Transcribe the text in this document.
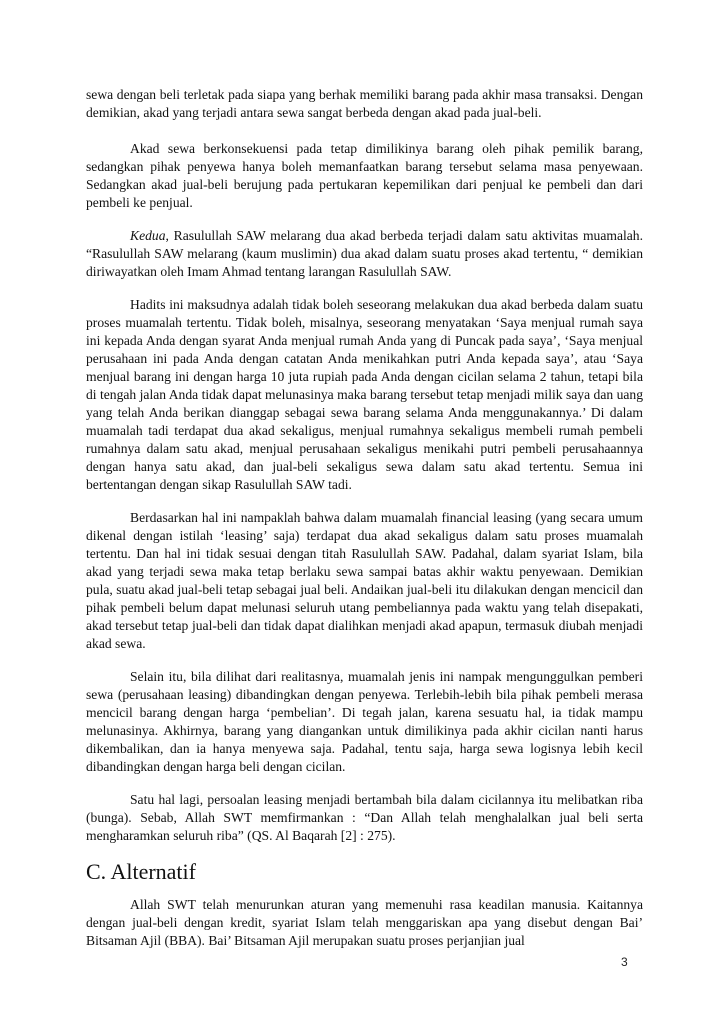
sewa dengan beli terletak pada siapa yang berhak memiliki barang pada akhir masa transaksi. Dengan demikian, akad yang terjadi antara sewa sangat berbeda dengan akad pada jual-beli.

Akad sewa berkonsekuensi pada tetap dimilikinya barang oleh pihak pemilik barang, sedangkan pihak penyewa hanya boleh memanfaatkan barang tersebut selama masa penyewaan. Sedangkan akad jual-beli berujung pada pertukaran kepemilikan dari penjual ke pembeli dan dari pembeli ke penjual.

Kedua, Rasulullah SAW melarang dua akad berbeda terjadi dalam satu aktivitas muamalah. “Rasulullah SAW melarang (kaum muslimin) dua akad dalam suatu proses akad tertentu, “ demikian diriwayatkan oleh Imam Ahmad tentang larangan Rasulullah SAW.

Hadits ini maksudnya adalah tidak boleh seseorang melakukan dua akad berbeda dalam suatu proses muamalah tertentu. Tidak boleh, misalnya, seseorang menyatakan ‘Saya menjual rumah saya ini kepada Anda dengan syarat Anda menjual rumah Anda yang di Puncak pada saya’, ‘Saya menjual perusahaan ini pada Anda dengan catatan Anda menikahkan putri Anda kepada saya’, atau ‘Saya menjual barang ini dengan harga 10 juta rupiah pada Anda dengan cicilan selama 2 tahun, tetapi bila di tengah jalan Anda tidak dapat melunasinya maka barang tersebut tetap menjadi milik saya dan uang yang telah Anda berikan dianggap sebagai sewa barang selama Anda menggunakannya.’ Di dalam muamalah tadi terdapat dua akad sekaligus, menjual rumahnya sekaligus membeli rumah pembeli rumahnya dalam satu akad, menjual perusahaan sekaligus menikahi putri pembeli perusahaannya dengan hanya satu akad, dan jual-beli sekaligus sewa dalam satu akad tertentu. Semua ini bertentangan dengan sikap Rasulullah SAW tadi.

Berdasarkan hal ini nampaklah bahwa dalam muamalah financial leasing (yang secara umum dikenal dengan istilah ‘leasing’ saja) terdapat dua akad sekaligus dalam satu proses muamalah tertentu. Dan hal ini tidak sesuai dengan titah Rasulullah SAW. Padahal, dalam syariat Islam, bila akad yang terjadi sewa maka tetap berlaku sewa sampai batas akhir waktu penyewaan. Demikian pula, suatu akad jual-beli tetap sebagai jual beli. Andaikan jual-beli itu dilakukan dengan mencicil dan pihak pembeli belum dapat melunasi seluruh utang pembeliannya pada waktu yang telah disepakati, akad tersebut tetap jual-beli dan tidak dapat dialihkan menjadi akad apapun, termasuk diubah menjadi akad sewa.

Selain itu, bila dilihat dari realitasnya, muamalah jenis ini nampak mengunggulkan pemberi sewa (perusahaan leasing) dibandingkan dengan penyewa. Terlebih-lebih bila pihak pembeli merasa mencicil barang dengan harga ‘pembelian’. Di tegah jalan, karena sesuatu hal, ia tidak mampu melunasinya. Akhirnya, barang yang diangankan untuk dimilikinya pada akhir cicilan nanti harus dikembalikan, dan ia hanya menyewa saja. Padahal, tentu saja, harga sewa logisnya lebih kecil dibandingkan dengan harga beli dengan cicilan.

Satu hal lagi, persoalan leasing menjadi bertambah bila dalam cicilannya itu melibatkan riba (bunga). Sebab, Allah SWT memfirmankan : “Dan Allah telah menghalalkan jual beli serta mengharamkan seluruh riba” (QS. Al Baqarah [2] : 275).

C. Alternatif

Allah SWT telah menurunkan aturan yang memenuhi rasa keadilan manusia. Kaitannya dengan jual-beli dengan kredit, syariat Islam telah menggariskan apa yang disebut dengan Bai’ Bitsaman Ajil (BBA). Bai’ Bitsaman Ajil merupakan suatu proses perjanjian jual

3
